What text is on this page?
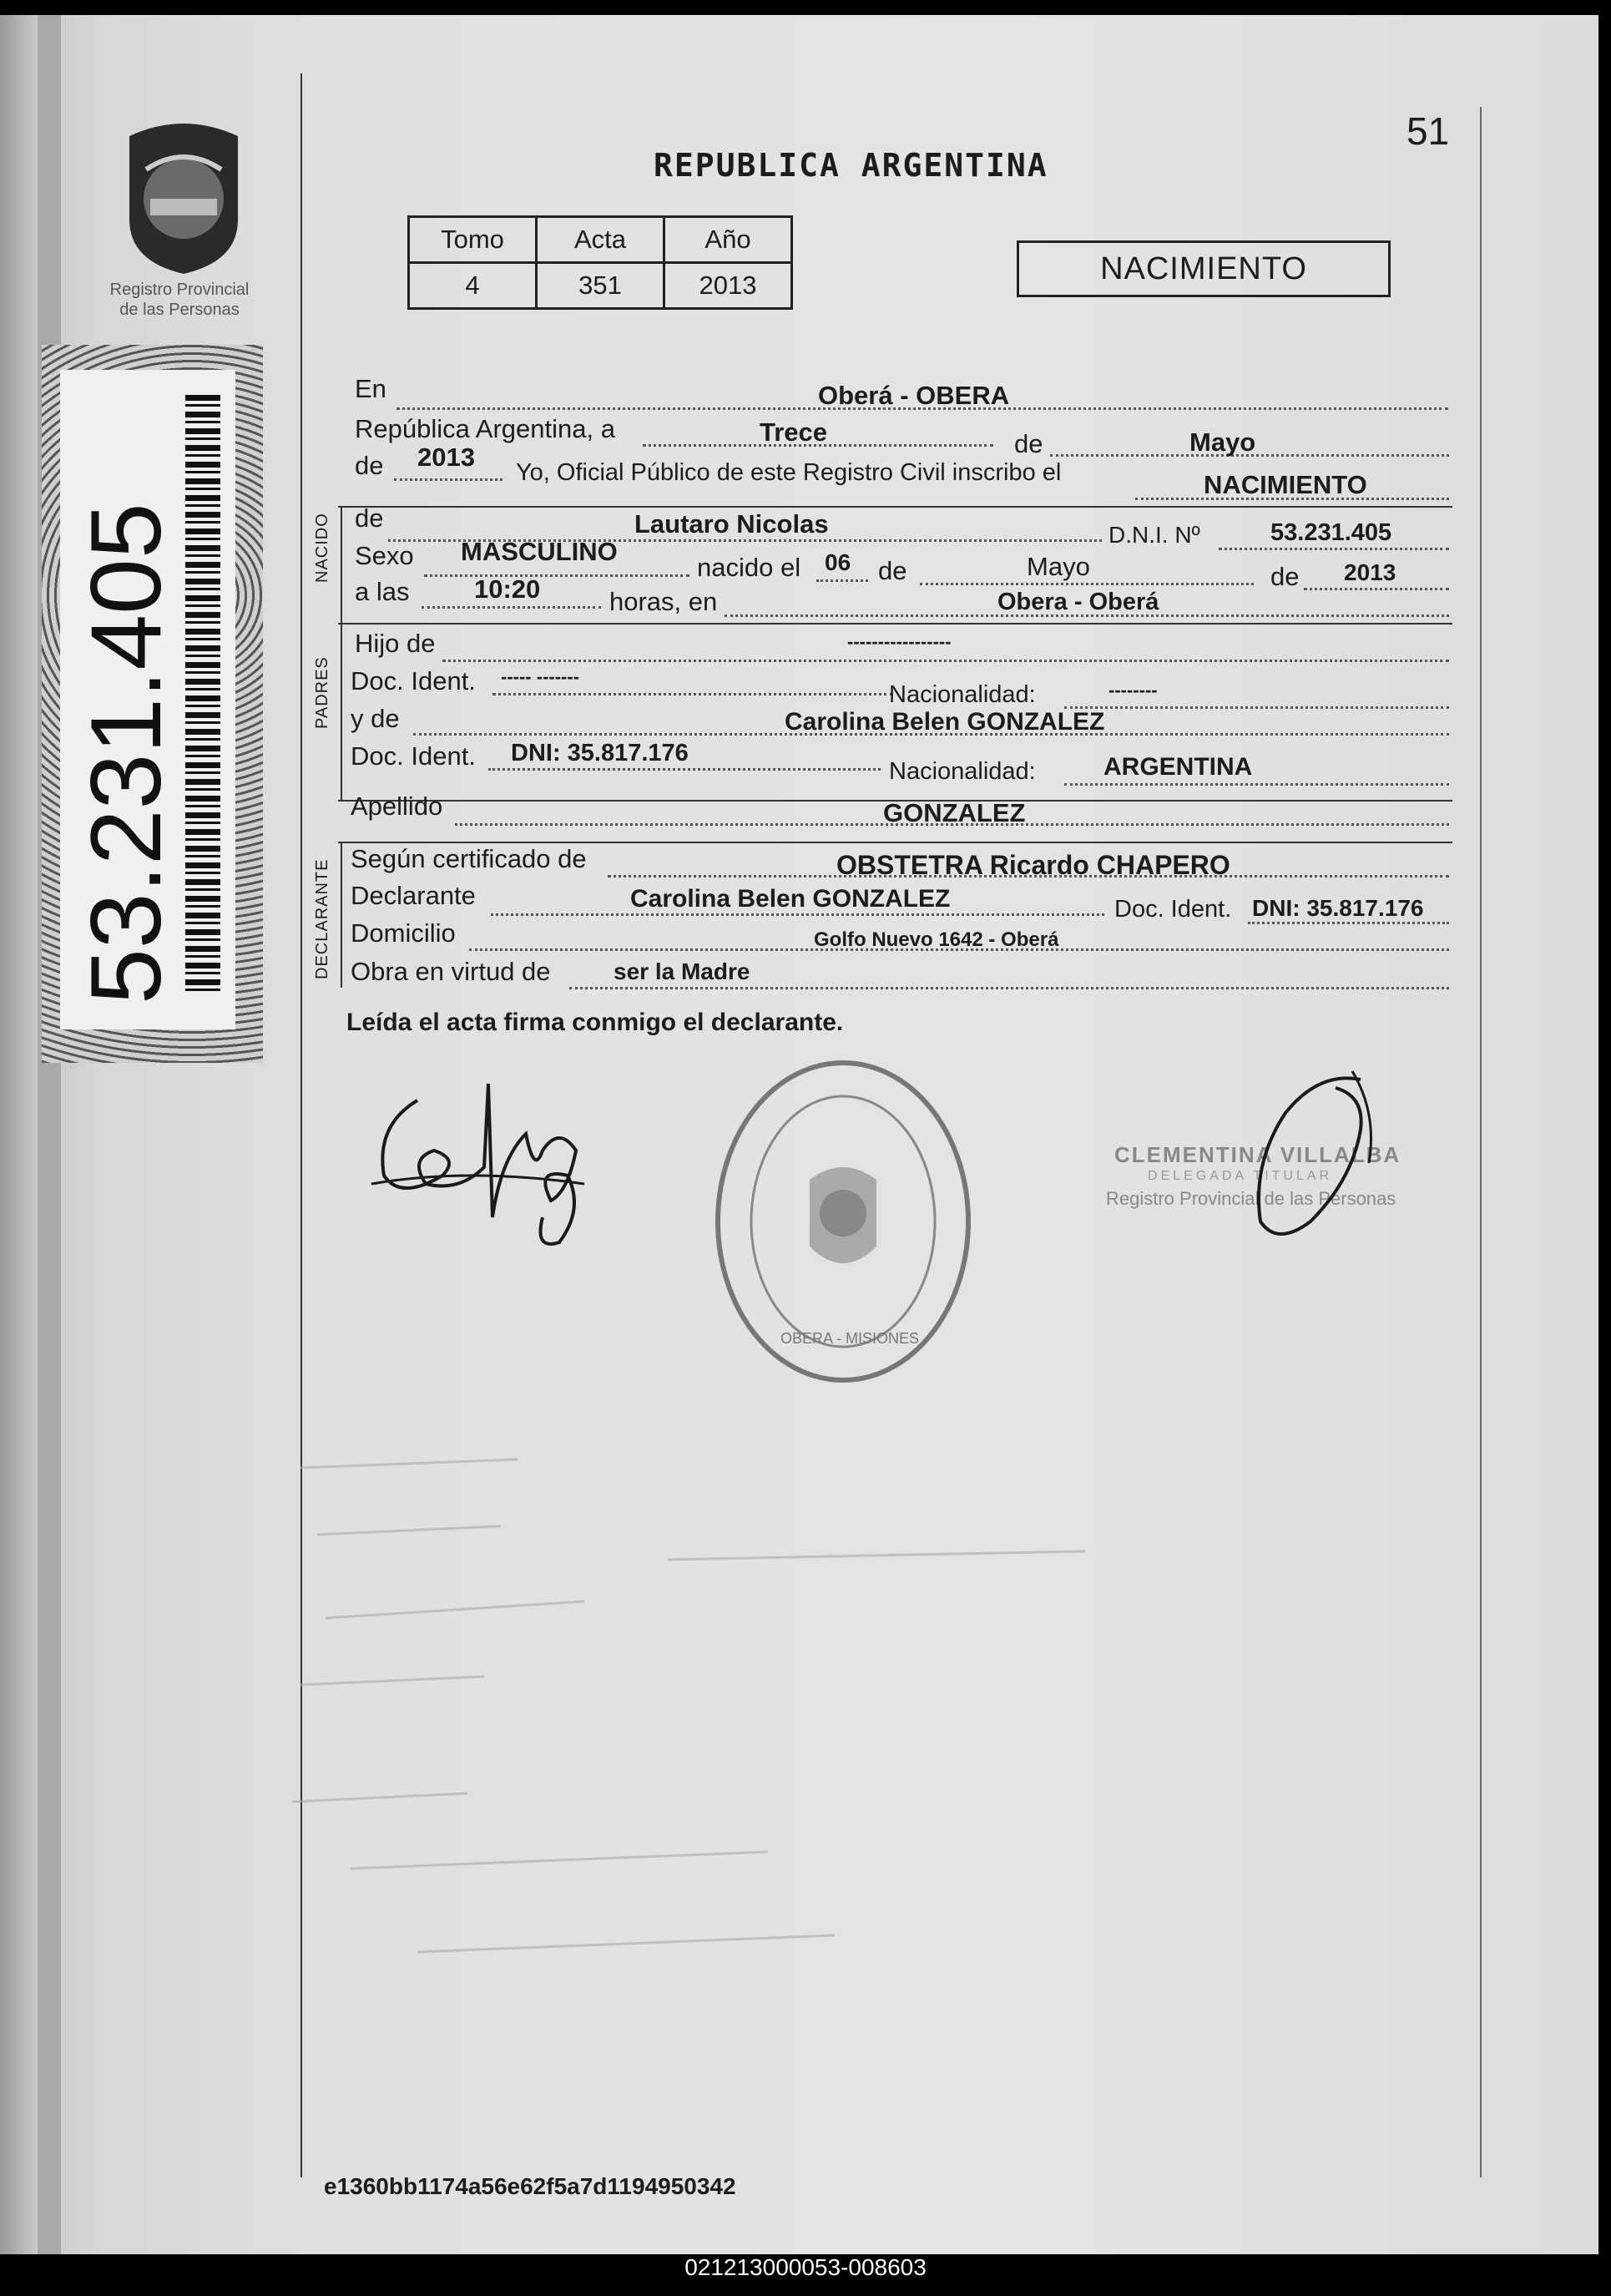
Registro Provincial
de las Personas
53.231.405
51
REPUBLICA ARGENTINA
Tomo	Acta	Año
4	351	2013	NACIMIENTO
NACIDO
PADRES
DECLARANTE
En	Oberá - OBERA
República Argentina, a	Trece	de	Mayo
de 2013
Yo, Oficial Público de este Registro Civil inscribo el	NACIMIENTO
de	Lautaro Nicolas	D.N.I. Nº	53.231.405
Sexo MASCULINO
nacido el 06 de	Mayo	de 2013
a las	10:20	horas, en	Obera - Oberá
Hijo de	-----------------
Doc. Ident. ----- -------
Nacionalidad:	--------
y de	Carolina Belen GONZALEZ
Doc. Ident. DNI: 35.817.176
Nacionalidad:	ARGENTINA
Apellido	GONZALEZ
Según certificado de	OBSTETRA Ricardo CHAPERO
Declarante	Carolina Belen GONZALEZ	Doc. Ident. DNI: 35.817.176
Domicilio	Golfo Nuevo 1642 - Oberá
Obra en virtud de	ser la Madre
Leída el acta firma conmigo el declarante.
OBERA - MISIONES
CLEMENTINA VILLALBA
DELEGADA TITULAR
Registro Provincial de las Personas
e1360bb1174a56e62f5a7d1194950342
021213000053-008603
